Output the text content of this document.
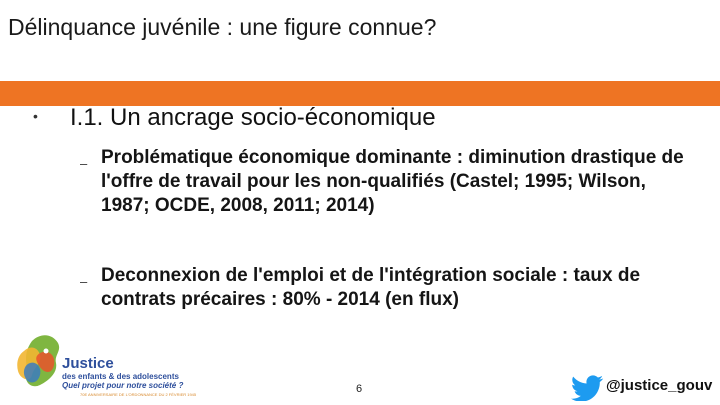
Délinquance juvénile : une figure connue?
• I.1. Un ancrage socio-économique
– Problématique économique dominante : diminution drastique de l'offre de travail pour les non-qualifiés (Castel; 1995; Wilson, 1987; OCDE, 2008, 2011; 2014)
– Deconnexion de l'emploi et de l'intégration sociale : taux de contrats précaires : 80% - 2014 (en flux)
Justice
des enfants & des adolescents
Quel projet pour notre société ?
70E ANNIVERSAIRE DE L'ORDONNANCE DU 2 FÉVRIER 1945	6	@justice_gouv
